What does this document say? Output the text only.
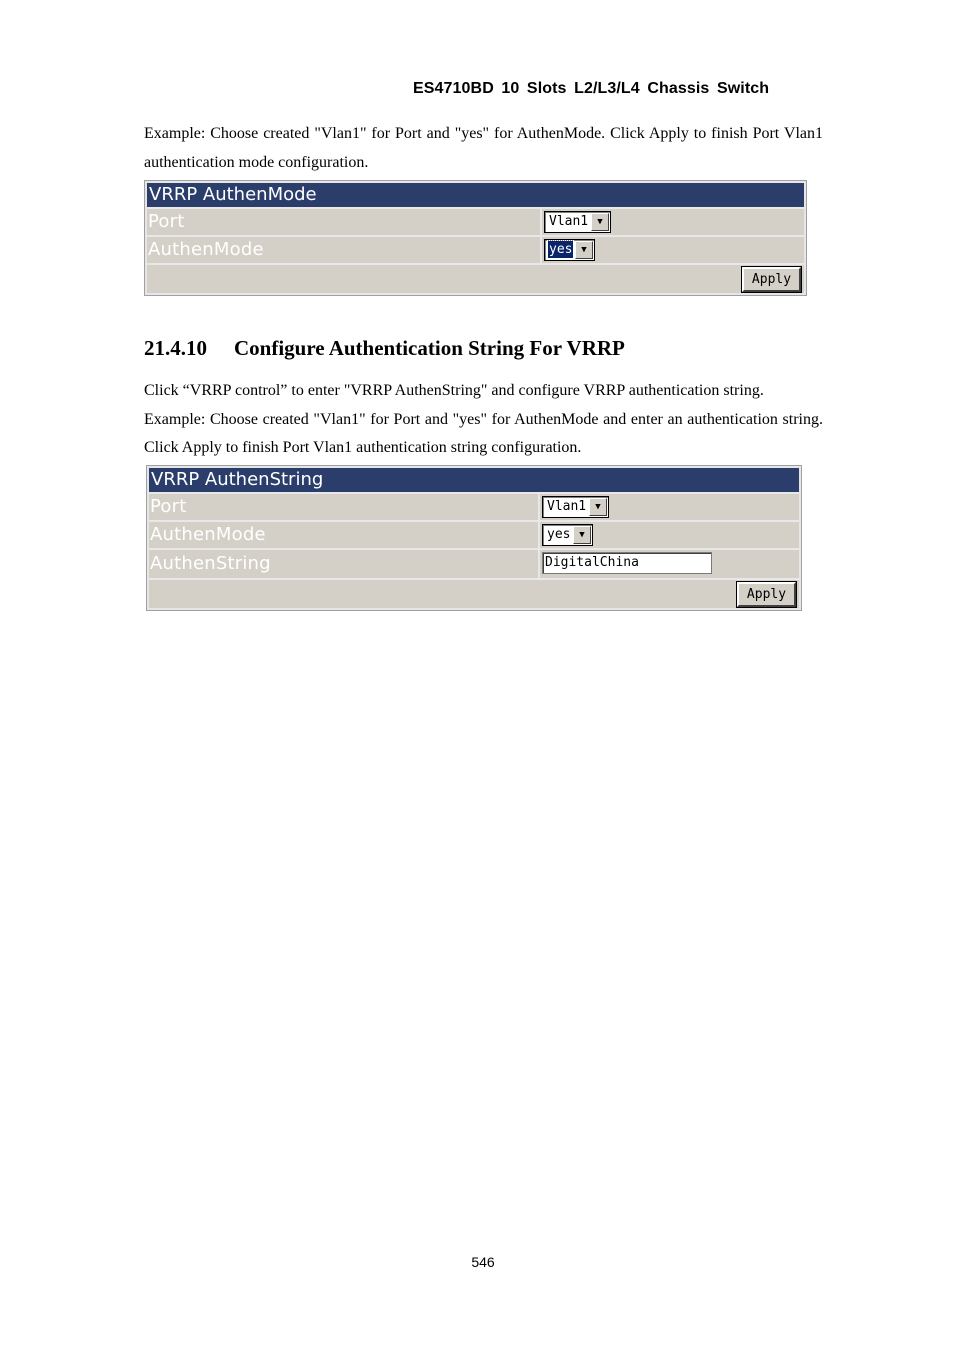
ES4710BD 10 Slots L2/L3/L4 Chassis Switch

Example: Choose created "Vlan1" for Port and "yes" for AuthenMode. Click Apply to finish Port Vlan1 authentication mode configuration.

VRRP AuthenMode
Port	Vlan1	▼
AuthenMode	yes ▼
Apply
21.4.10 Configure Authentication String For VRRP

Click “VRRP control” to enter "VRRP AuthenString" and configure VRRP authentication string.

Example: Choose created "Vlan1" for Port and "yes" for AuthenMode and enter an authentication string. Click Apply to finish Port Vlan1 authentication string configuration.

VRRP AuthenString
Port	Vlan1	▼
AuthenMode	yes ▼
AuthenString	DigitalChina
Apply
546
